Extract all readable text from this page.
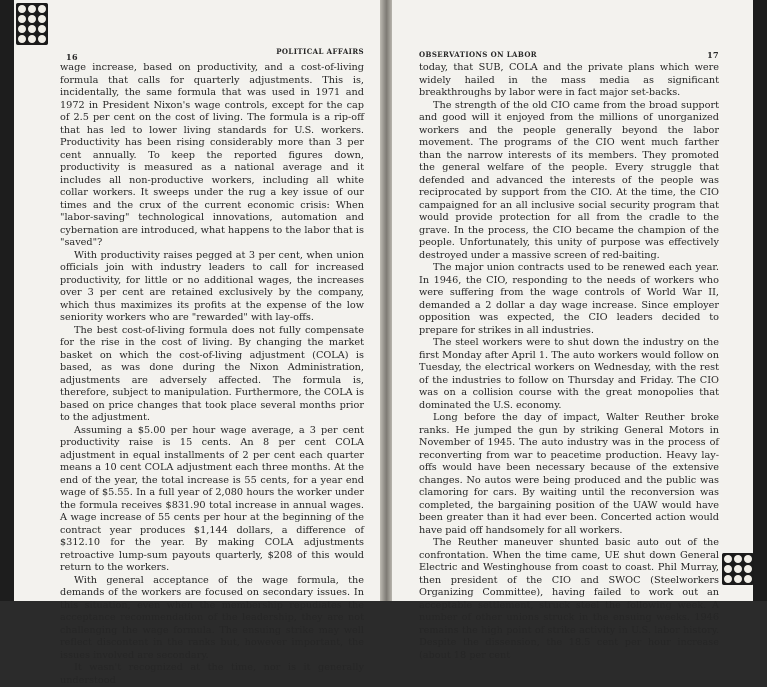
16
POLITICAL AFFAIRS

wage increase, based on productivity, and a cost-of-living formula that calls for quarterly adjustments. This is, incidentally, the same formula that was used in 1971 and 1972 in President Nixon's wage controls, except for the cap of 2.5 per cent on the cost of living. The formula is a rip-off that has led to lower living standards for U.S. workers. Productivity has been rising considerably more than 3 per cent annually. To keep the reported figures down, productivity is measured as a national average and it includes all non-productive workers, including all white collar workers. It sweeps under the rug a key issue of our times and the crux of the current economic crisis: When "labor-saving" technological innovations, automation and cybernation are introduced, what happens to the labor that is "saved"?

With productivity raises pegged at 3 per cent, when union officials join with industry leaders to call for increased productivity, for little or no additional wages, the increases over 3 per cent are retained exclusively by the company, which thus maximizes its profits at the expense of the low seniority workers who are "rewarded" with lay-offs.

The best cost-of-living formula does not fully compensate for the rise in the cost of living. By changing the market basket on which the cost-of-living adjustment (COLA) is based, as was done during the Nixon Administration, adjustments are adversely affected. The formula is, therefore, subject to manipulation. Furthermore, the COLA is based on price changes that took place several months prior to the adjustment.

Assuming a $5.00 per hour wage average, a 3 per cent productivity raise is 15 cents. An 8 per cent COLA adjustment in equal installments of 2 per cent each quarter means a 10 cent COLA adjustment each three months. At the end of the year, the total increase is 55 cents, for a year end wage of $5.55. In a full year of 2,080 hours the worker under the formula receives $831.90 total increase in annual wages. A wage increase of 55 cents per hour at the beginning of the contract year produces $1,144 dollars, a difference of $312.10 for the year. By making COLA adjustments retroactive lump-sum payouts quarterly, $208 of this would return to the workers.

With general acceptance of the wage formula, the demands of the workers are focused on secondary issues. In this situation, even when the membership repudiates the acceptance recommendation of the leadership, they are not challenging the wage formula. The ensuing strike may well reflect discontent in the ranks but, however important, the issues involved are secondary.

It wasn't recognized at the time, nor is it generally understood

OBSERVATIONS ON LABOR	17

today, that SUB, COLA and the private plans which were widely hailed in the mass media as significant breakthroughs by labor were in fact major set-backs.

The strength of the old CIO came from the broad support and good will it enjoyed from the millions of unorganized workers and the people generally beyond the labor movement. The programs of the CIO went much farther than the narrow interests of its members. They promoted the general welfare of the people. Every struggle that defended and advanced the interests of the people was reciprocated by support from the CIO. At the time, the CIO campaigned for an all inclusive social security program that would provide protection for all from the cradle to the grave. In the process, the CIO became the champion of the people. Unfortunately, this unity of purpose was effectively destroyed under a massive screen of red-baiting.

The major union contracts used to be renewed each year. In 1946, the CIO, responding to the needs of workers who were suffering from the wage controls of World War II, demanded a 2 dollar a day wage increase. Since employer opposition was expected, the CIO leaders decided to prepare for strikes in all industries.

The steel workers were to shut down the industry on the first Monday after April 1. The auto workers would follow on Tuesday, the electrical workers on Wednesday, with the rest of the industries to follow on Thursday and Friday. The CIO was on a collision course with the great monopolies that dominated the U.S. economy.

Long before the day of impact, Walter Reuther broke ranks. He jumped the gun by striking General Motors in November of 1945. The auto industry was in the process of reconverting from war to peacetime production. Heavy lay-offs would have been necessary because of the extensive changes. No autos were being produced and the public was clamoring for cars. By waiting until the reconversion was completed, the bargaining position of the UAW would have been greater than it had ever been. Concerted action would have paid off handsomely for all workers.

The Reuther maneuver shunted basic auto out of the confrontation. When the time came, UE shut down General Electric and Westinghouse from coast to coast. Phil Murray, then president of the CIO and SWOC (Steelworkers Organizing Committee), having failed to work out an acceptable settlement, struck steel the following week. A number of other unions struck in the ensuing weeks. 1946 remains the high point of strike activity in U.S. labor history. Despite the dissension, the 18.5 cent per hour increase (about 18 per cent
